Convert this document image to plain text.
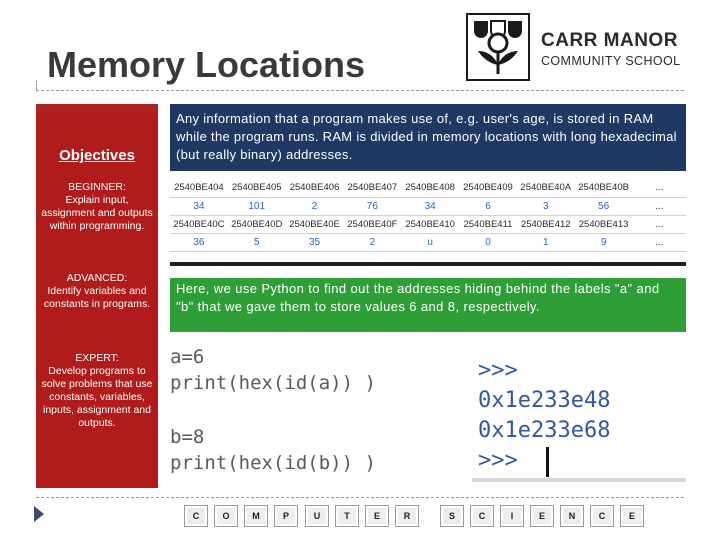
Memory Locations
CARR MANOR
COMMUNITY SCHOOL
Objectives
BEGINNER:
Explain input, assignment and outputs within programming.
ADVANCED:
Identify variables and constants in programs.
EXPERT:
Develop programs to solve problems that use constants, variables, inputs, assignment and outputs.
Any information that a program makes use of, e.g. user's age, is stored in RAM while the program runs. RAM is divided in memory locations with long hexadecimal (but really binary) addresses.
2540BE404	2540BE405	2540BE406	2540BE407	2540BE408	2540BE409	2540BE40A	2540BE40B	...
34	101	2	76	34	6	3	56	...
2540BE40C	2540BE40D	2540BE40E	2540BE40F	2540BE410	2540BE411	2540BE412	2540BE413	...
36	5	35	2	u	0	1	9	...
Here, we use Python to find out the addresses hiding behind the labels "a" and "b" that we gave them to store values 6 and 8, respectively.
a=6
print(hex(id(a)) )
b=8
print(hex(id(b)) )
>>>
0x1e233e48
0x1e233e68
>>>
C	O	M	P	U	T	E	R	S	C	I	E	N	C	E
